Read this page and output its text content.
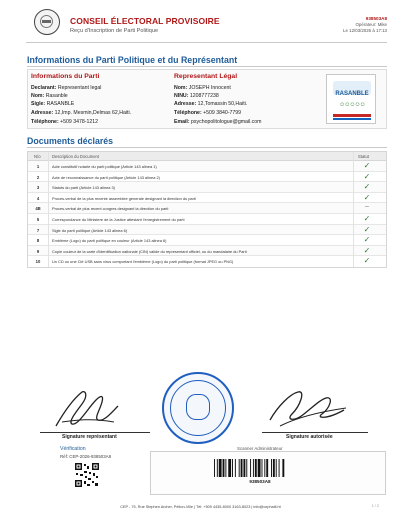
CONSEIL ÉLECTORAL PROVISOIRE
Reçu d'Inscription de Parti Politique
938503A8
Opérateur: Mike
Le 12/03/2026 à 17:13
Informations du Parti Politique et du Représentant
Informations du Parti
Declarant: Representant legal
Nom: Rasanble
Sigle: RASANBLE
Adresse: 12,Imp. Mesmin,Delmas 62,Haiti.
Téléphone: +509 3478-1212
Representant Légal
Nom: JOSEPH Innocent
NINU: 1208777238
Adresse: 12,Tomassin 50,Haiti.
Téléphone: +509 3840-7799
Email: psychopolitologue@gmail.com
RASANBLE
☺☺☺☺☺
Documents déclarés
N/o	Description du Document	Statut
1	Acte constitutif notarie du parti politique (Article 143 alinea 1)	✓
2	Acte de reconnaissance du parti politique (Article 143 alinea 2)	✓
3	Statuts du parti (Article 143 alinea 3)	✓
4	Proces-verbal de la plus recente assemblee generale designant la direction du parti	✓
4B	Proces-verbal de plus recent congres designant la direction du parti	–
5	Correspondance du Ministere de la Justice attestant l'enregistrement du parti	✓
7	Sigle du parti politique (Article 143 alinea 6)	✓
8	Emblème (Logo) du parti politique en couleur (Article 143 alinea 6)	✓
9	Copie couleur de la carte d'identification nationale (CIN) valide du representant officiel, ou du mandataire du Parti	✓
10	Un CD ou une Clé USB sans virus comportant l'emblème (Logo) du parti politique (format JPEG ou PNG)	✓
Signature représentant	Signature autorisée
Vérification
Réf: CEP-2026-938503A8
Scanner Administrateur
938503A8
CEP - 75, Rue Stephen Archer, Pétion-Ville | Tél: +509 4435-8000 3163-8023 | info@cephaiti.ht	1 / 2
